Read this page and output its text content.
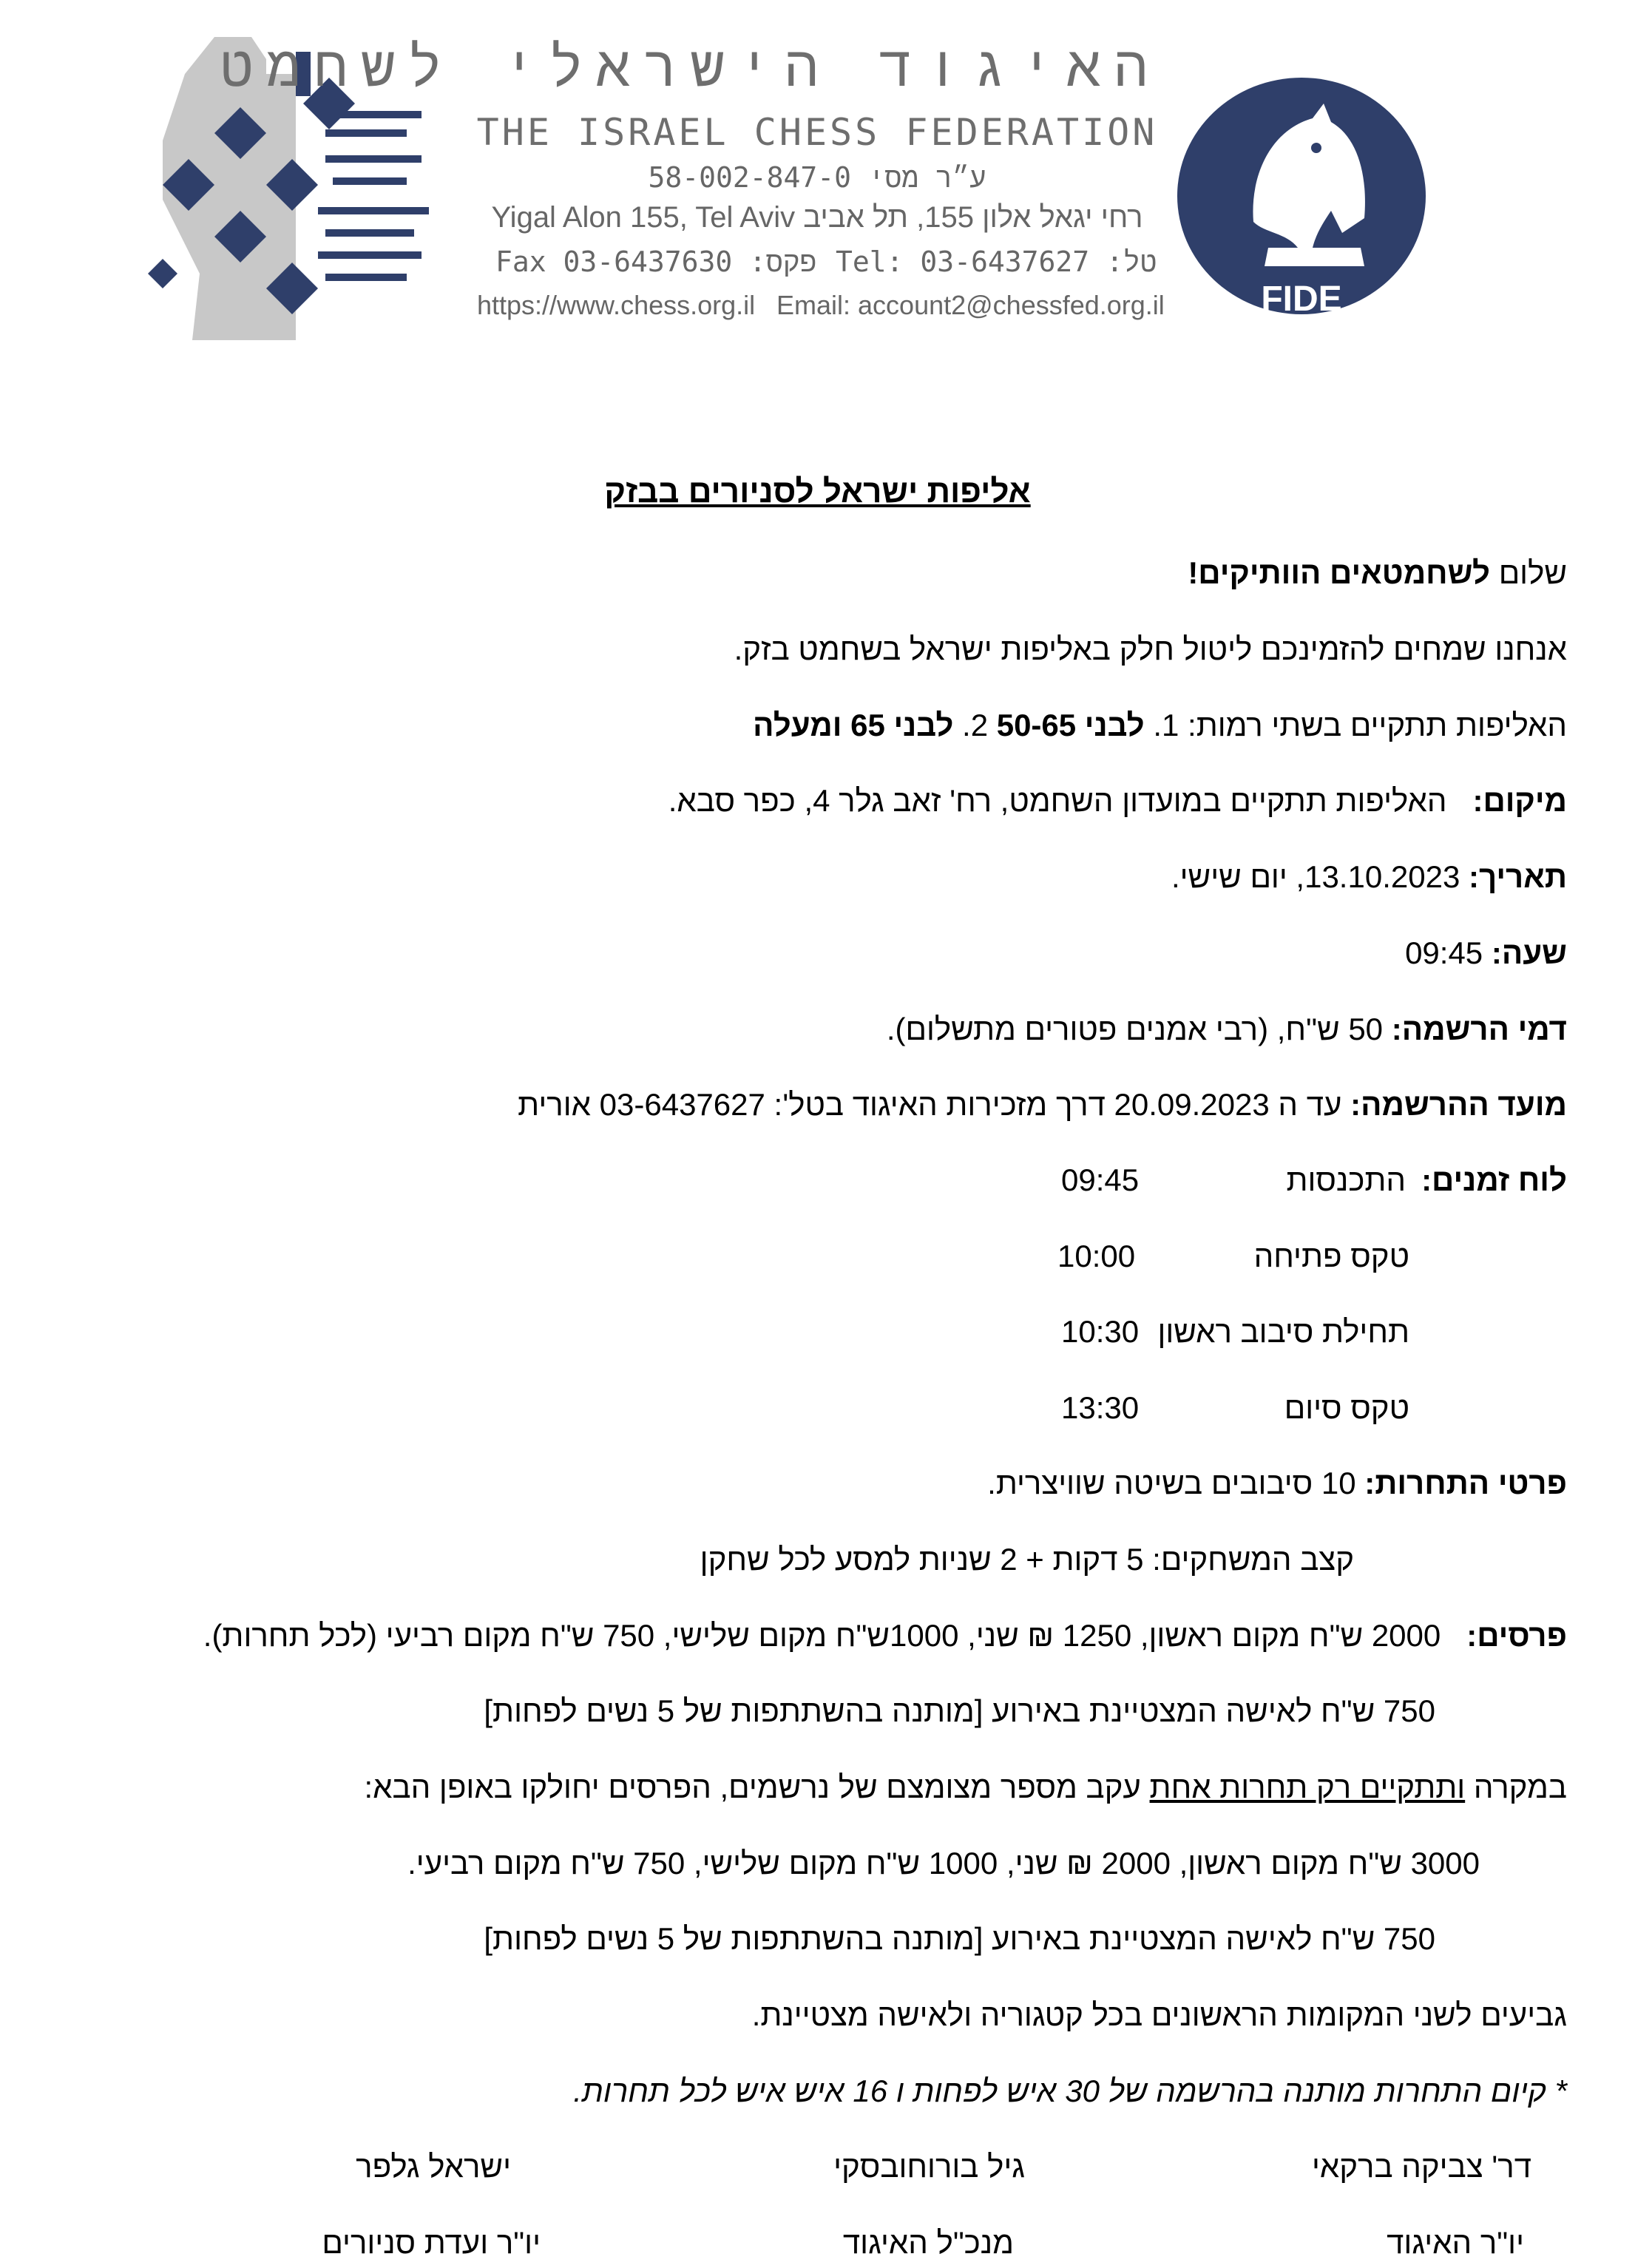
האיגוד הישראלי לשחמט
THE ISRAEL CHESS FEDERATION
ע״ר מסי 58-002-847-0
Yigal Alon 155, Tel Aviv רחי יגאל אלון 155, תל אביב
Fax 03-6437630 :פקס Tel: 03-6437627 :טל
https://www.chess.org.il Email: account2@chessfed.org.il	FIDE
אליפות ישראל לסניורים בבזק
שלום לשחמטאים הוותיקים!
אנחנו שמחים להזמינכם ליטול חלק באליפות ישראל בשחמט בזק.
האליפות תתקיים בשתי רמות: 1. לבני 50-65 2. לבני 65 ומעלה
מיקום:   האליפות תתקיים במועדון השחמט, רח' זאב גלר 4, כפר סבא.
תאריך: 13.10.2023, יום שישי.
שעה: 09:45
דמי הרשמה: 50 ש"ח, (רבי אמנים פטורים מתשלום).
מועד ההרשמה: עד ה 20.09.2023 דרך מזכירות האיגוד בטל': 03-6437627 אורית
לוח זמנים:
התכנסות
09:45
טקס פתיחה
10:00
תחילת סיבוב ראשון
10:30
טקס סיום
13:30
פרטי התחרות: 10 סיבובים בשיטה שוויצרית.
קצב המשחקים: 5 דקות + 2 שניות למסע לכל שחקן
פרסים:   2000 ש"ח מקום ראשון, 1250 ₪ שני, 1000ש"ח מקום שלישי, 750 ש"ח מקום רביעי (לכל תחרות).
750 ש"ח לאישה המצטיינת באירוע [מותנה בהשתתפות של 5 נשים לפחות]
במקרה ותתקיים רק תחרות אחת עקב מספר מצומצם של נרשמים, הפרסים יחולקו באופן הבא:
3000 ש"ח מקום ראשון, 2000 ₪ שני, 1000 ש"ח מקום שלישי, 750 ש"ח מקום רביעי.
750 ש"ח לאישה המצטיינת באירוע [מותנה בהשתתפות של 5 נשים לפחות]
גביעים לשני המקומות הראשונים בכל קטגוריה ולאישה מצטיינת.
* קיום התחרות מותנה בהרשמה של 30 איש לפחות ו 16 איש איש לכל תחרות.
דר' צביקה ברקאי
יו"ר האיגוד
גיל בורוחובסקי
מנכ"ל האיגוד
ישראל גלפר
יו"ר ועדת סניורים
